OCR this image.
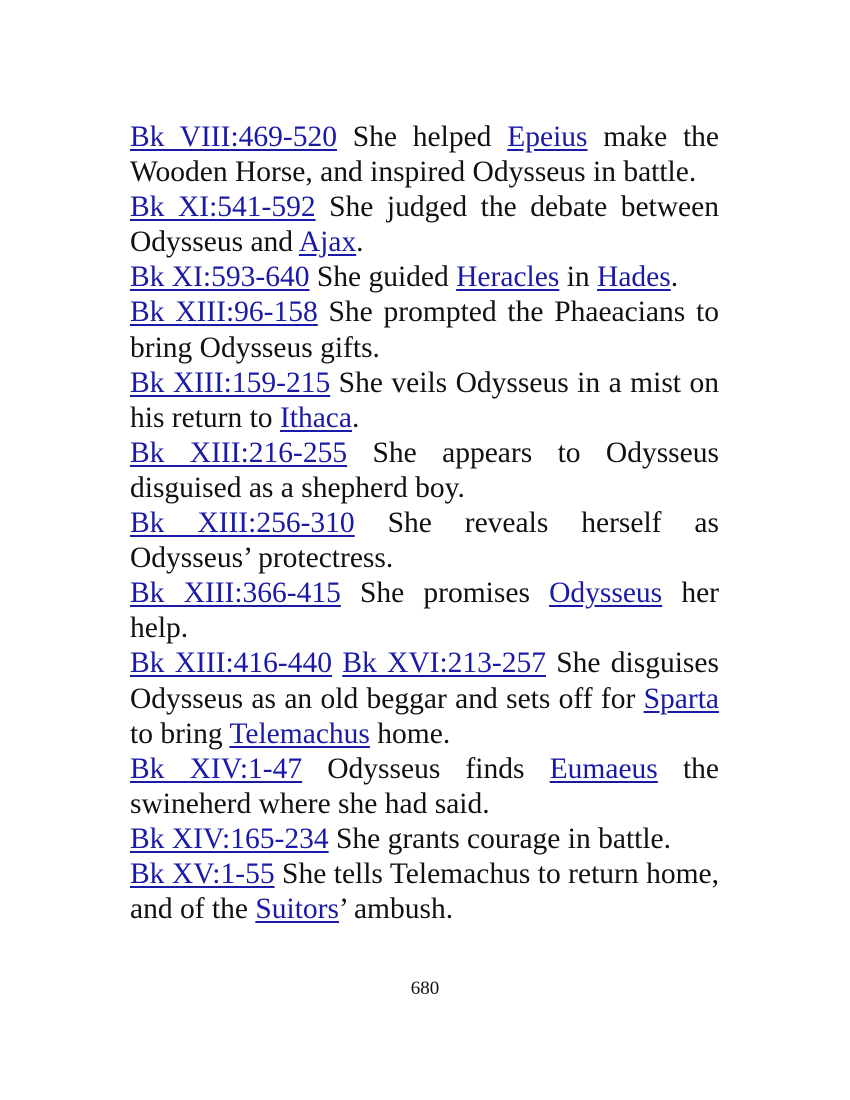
Bk VIII:469-520 She helped Epeius make the Wooden Horse, and inspired Odysseus in battle.

Bk XI:541-592 She judged the debate between Odysseus and Ajax.

Bk XI:593-640 She guided Heracles in Hades.

Bk XIII:96-158 She prompted the Phaeacians to bring Odysseus gifts.

Bk XIII:159-215 She veils Odysseus in a mist on his return to Ithaca.

Bk XIII:216-255 She appears to Odysseus disguised as a shepherd boy.

Bk XIII:256-310 She reveals herself as Odysseus’ protectress.

Bk XIII:366-415 She promises Odysseus her help.

Bk XIII:416-440 Bk XVI:213-257 She disguises Odysseus as an old beggar and sets off for Sparta to bring Telemachus home.

Bk XIV:1-47 Odysseus finds Eumaeus the swineherd where she had said.

Bk XIV:165-234 She grants courage in battle.

Bk XV:1-55 She tells Telemachus to return home, and of the Suitors’ ambush.

680
